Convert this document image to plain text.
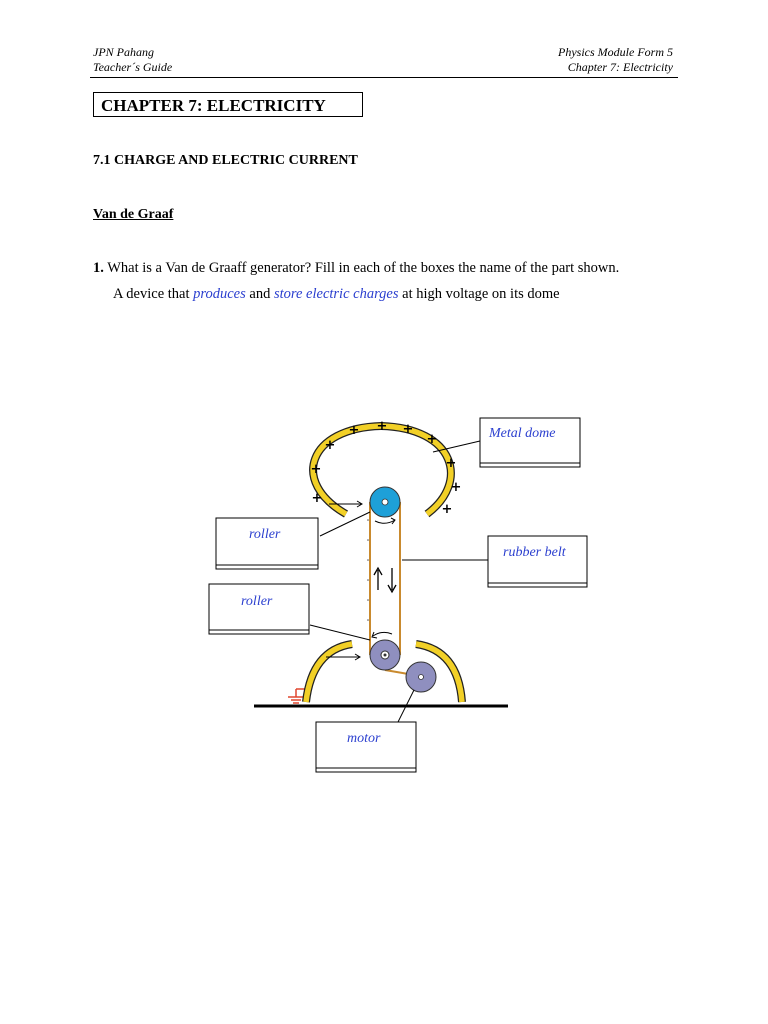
JPN Pahang
Teacher´s Guide
Physics Module Form 5
Chapter 7: Electricity
CHAPTER 7: ELECTRICITY
7.1 CHARGE AND ELECTRIC CURRENT
Van de Graaf
1. What is a Van de Graaff generator? Fill in each of the boxes the name of the part shown.
A device that produces and store electric charges at high voltage on its dome
+ + +
+	+
+	+
+
+
+
Metal dome
roller
rubber belt
roller
motor
